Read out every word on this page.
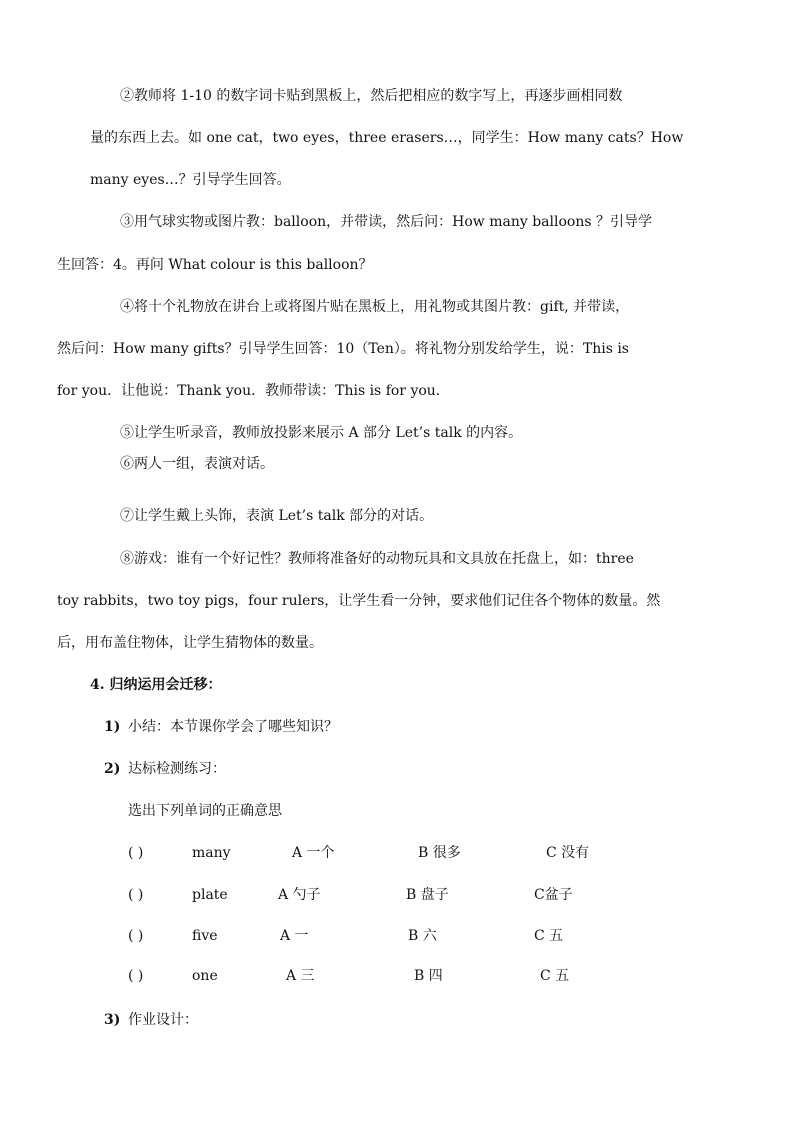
②教师将 1-10 的数字词卡贴到黑板上，然后把相应的数字写上，再逐步画相同数
量的东西上去。如 one cat，two eyes，three erasers…，同学生：How many cats？How
many eyes…？引导学生回答。
③用气球实物或图片教：balloon，并带读，然后问：How many balloons ？引导学
生回答：4。再问 What colour is this balloon？
④将十个礼物放在讲台上或将图片贴在黑板上，用礼物或其图片教：gift, 并带读，
然后问：How many gifts？引导学生回答：10（Ten）。将礼物分别发给学生，说：This is
for you．让他说：Thank you．教师带读：This is for you．
⑤让学生听录音，教师放投影来展示 A 部分 Let’s talk 的内容。
⑥两人一组，表演对话。
⑦让学生戴上头饰，表演 Let’s talk 部分的对话。
⑧游戏：谁有一个好记性？教师将准备好的动物玩具和文具放在托盘上，如：three
toy rabbits，two toy pigs，four rulers，让学生看一分钟，要求他们记住各个物体的数量。然
后，用布盖住物体，让学生猜物体的数量。
4. 归纳运用会迁移：
1) 小结：本节课你学会了哪些知识？
2) 达标检测练习：
选出下列单词的正确意思
( )	many	A 一个	B 很多	C 没有
( )	plate	A 勺子	B 盘子	C盆子
( )	five	A 一	B 六	C 五
( )	one	A 三	B 四	C 五
3) 作业设计：
